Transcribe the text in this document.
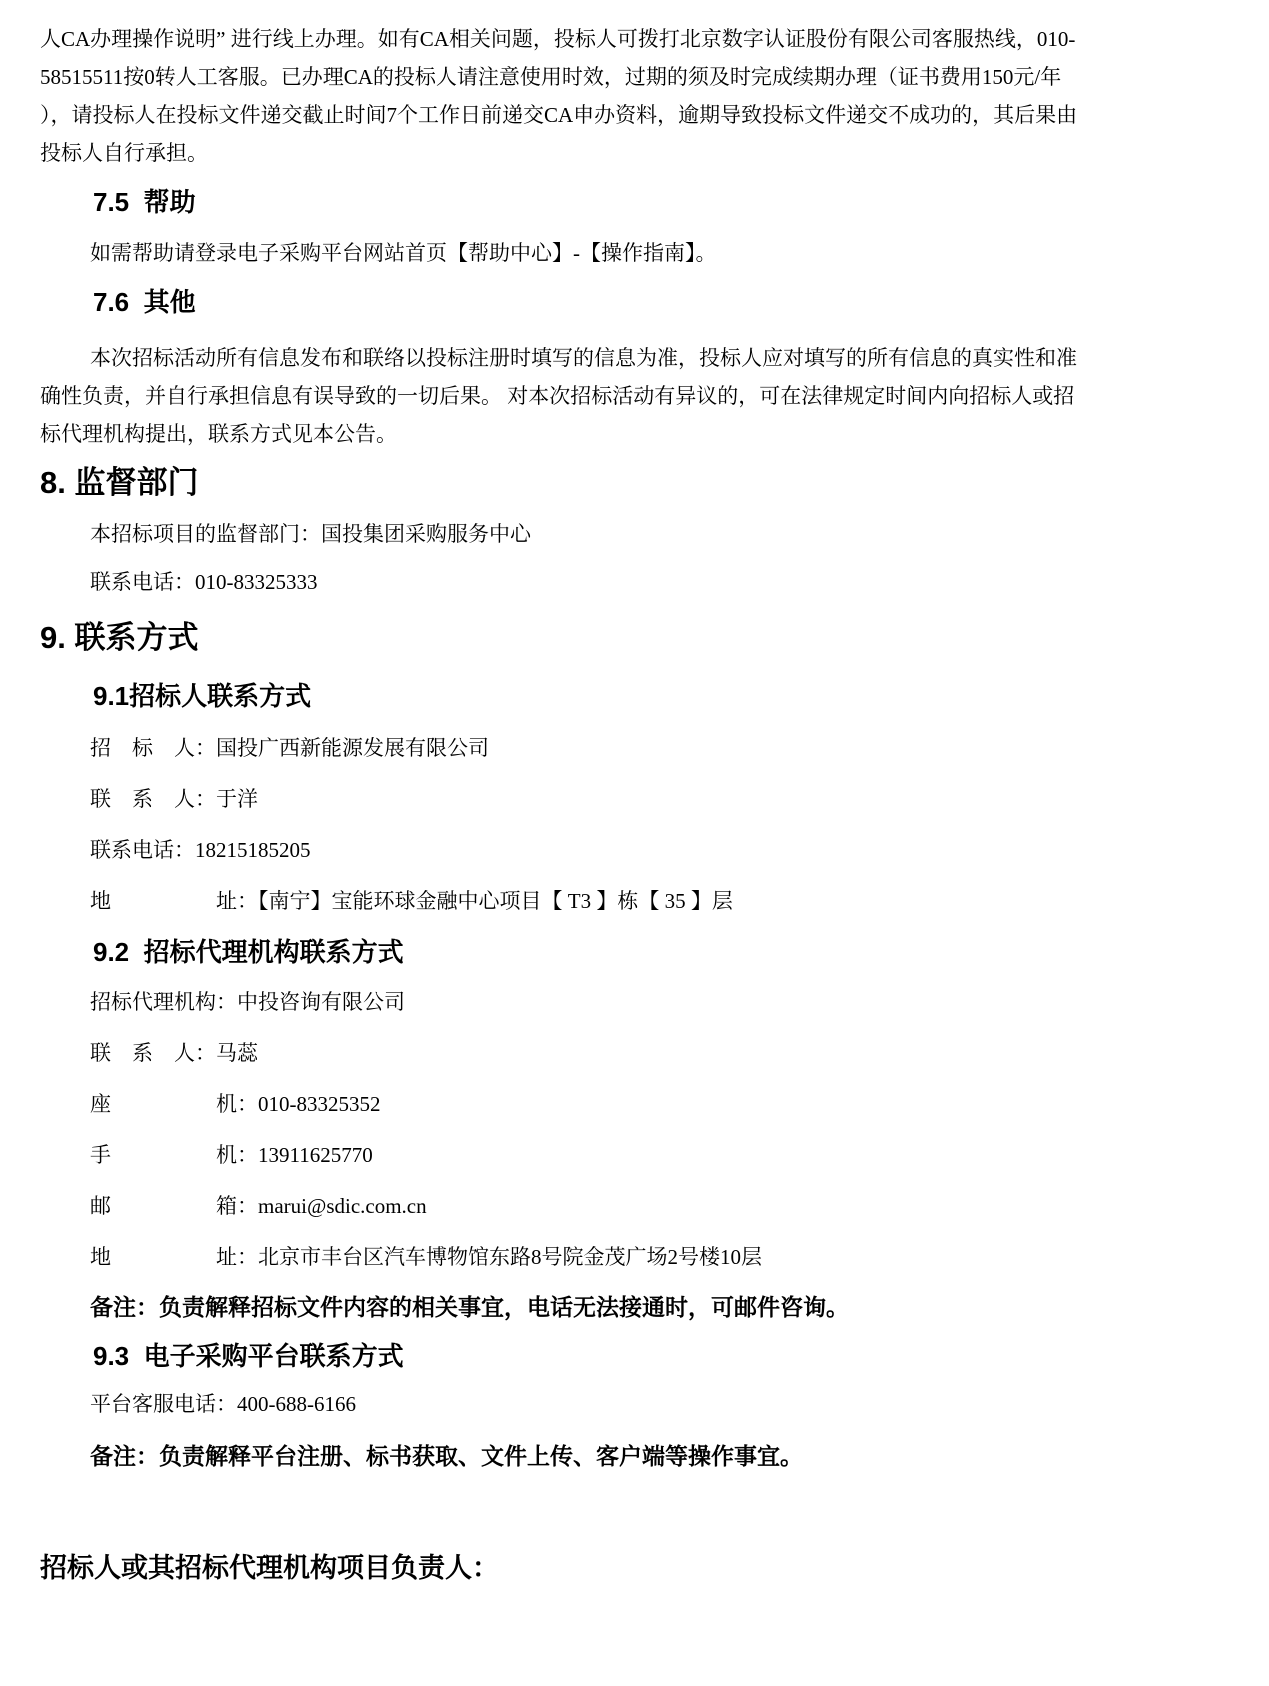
人CA办理操作说明” 进行线上办理。如有CA相关问题，投标人可拨打北京数字认证股份有限公司客服热线，010-
58515511按0转人工客服。已办理CA的投标人请注意使用时效，过期的须及时完成续期办理（证书费用150元/年
），请投标人在投标文件递交截止时间7个工作日前递交CA申办资料，逾期导致投标文件递交不成功的，其后果由
投标人自行承担。
7.5  帮助

如需帮助请登录电子采购平台网站首页【帮助中心】-【操作指南】。

7.6  其他
本次招标活动所有信息发布和联络以投标注册时填写的信息为准，投标人应对填写的所有信息的真实性和准
确性负责，并自行承担信息有误导致的一切后果。 对本次招标活动有异议的，可在法律规定时间内向招标人或招
标代理机构提出，联系方式见本公告。
8. 监督部门

本招标项目的监督部门：国投集团采购服务中心

联系电话：010-83325333

9. 联系方式
9.1招标人联系方式

招　标　人：国投广西新能源发展有限公司

联　系　人：于洋

联系电话：18215185205

地　　　　　址：【南宁】宝能环球金融中心项目【 T3 】栋【 35 】层

9.2  招标代理机构联系方式

招标代理机构：中投咨询有限公司

联　系　人：马蕊

座　　　　　机：010-83325352

手　　　　　机：13911625770

邮　　　　　箱：marui@sdic.com.cn

地　　　　　址：北京市丰台区汽车博物馆东路8号院金茂广场2号楼10层

备注：负责解释招标文件内容的相关事宜，电话无法接通时，可邮件咨询。

9.3  电子采购平台联系方式

平台客服电话：400-688-6166

备注：负责解释平台注册、标书获取、文件上传、客户端等操作事宜。

招标人或其招标代理机构项目负责人：
